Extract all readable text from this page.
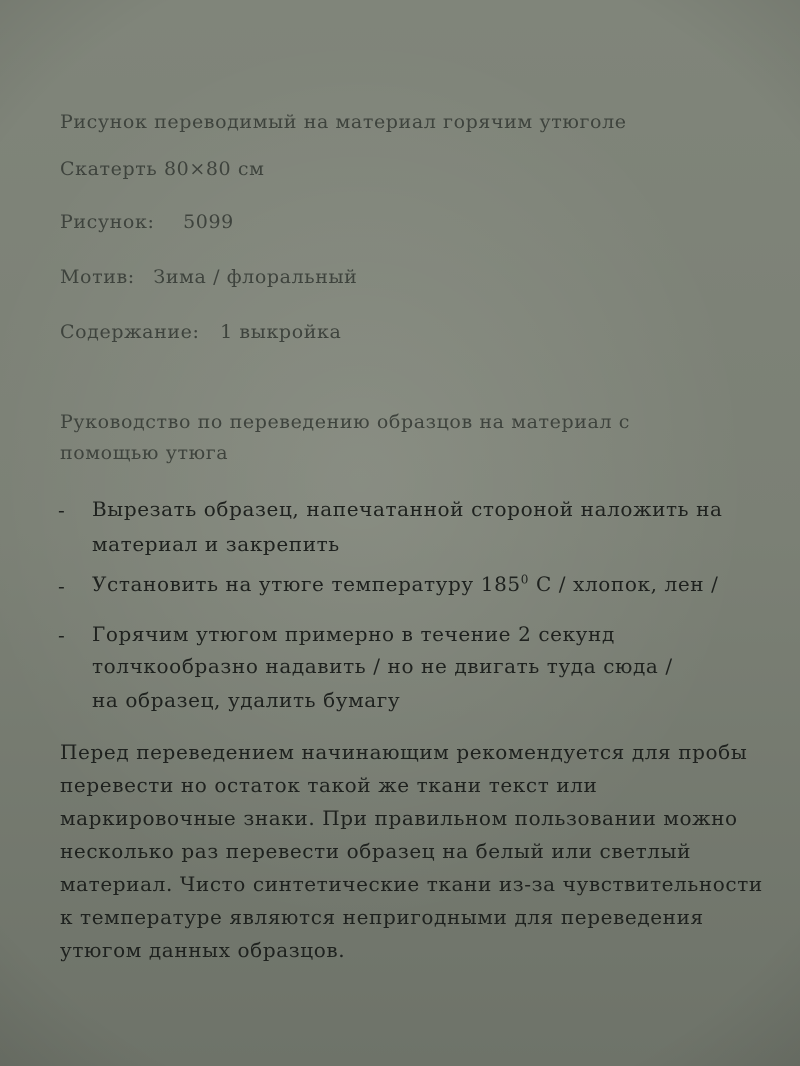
Рисунок переводимый на материал горячим утюголе
Скатерть 80×80 см
Рисунок: 5099
Мотив: Зима / флоральный
Содержание: 1 выкройка
Руководство по переведению образцов на материал с
помощью утюга
- Вырезать образец, напечатанной стороной наложить на
материал и закрепить
- Установить на утюге температуру $185^0$ С / хлопок, лен /
- Горячим утюгом примерно в течение 2 секунд
толчкообразно надавить / но не двигать туда сюда /
на образец, удалить бумагу
Перед переведением начинающим рекомендуется для пробы
перевести но остаток такой же ткани текст или
маркировочные знаки. При правильном пользовании можно
несколько раз перевести образец на белый или светлый
материал. Чисто синтетические ткани из-за чувствительности
к температуре являются непригодными для переведения
утюгом данных образцов.
